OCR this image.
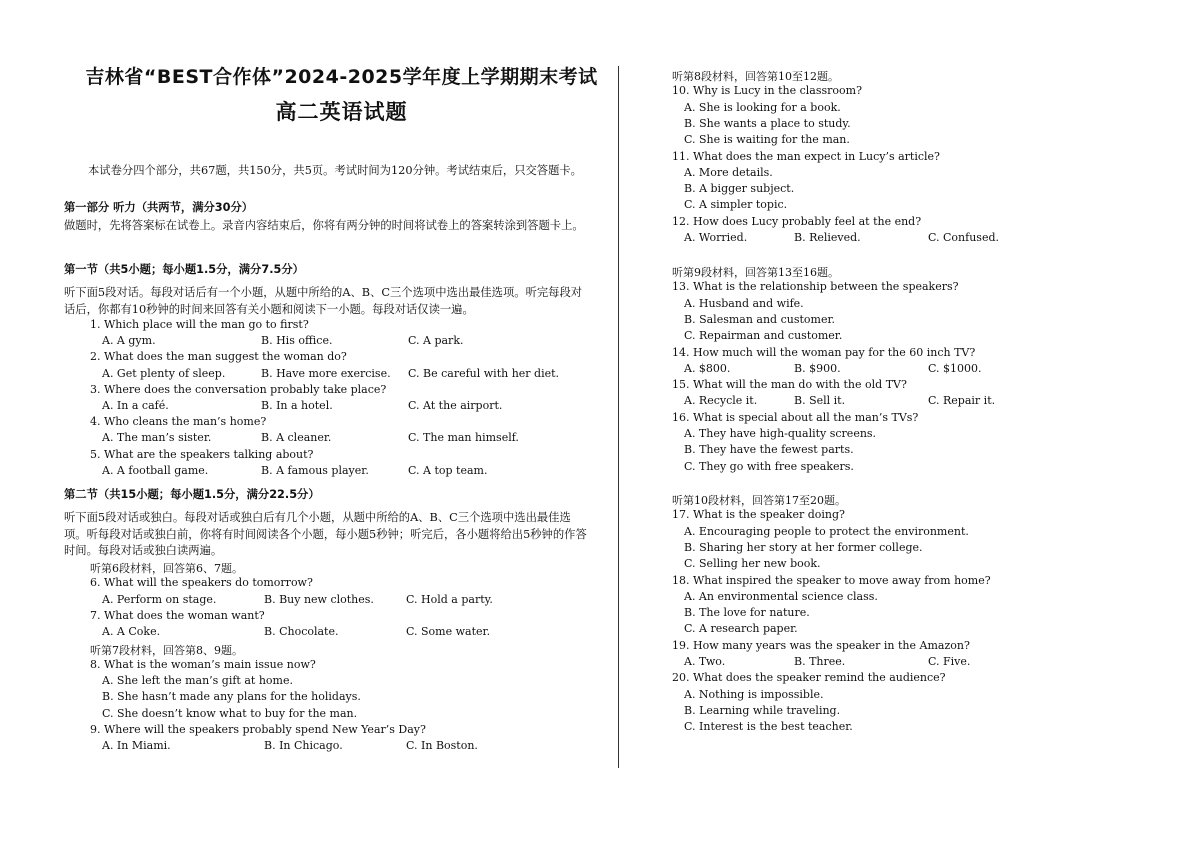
吉林省“BEST合作体”2024-2025学年度上学期期末考试
高二英语试题
本试卷分四个部分，共67题，共150分，共5页。考试时间为120分钟。考试结束后，只交答题卡。
第一部分 听力（共两节，满分30分）
做题时，先将答案标在试卷上。录音内容结束后，你将有两分钟的时间将试卷上的答案转涂到答题卡上。
第一节（共5小题；每小题1.5分，满分7.5分）
听下面5段对话。每段对话后有一个小题，从题中所给的A、B、C三个选项中选出最佳选项。听完每段对话后，你都有10秒钟的时间来回答有关小题和阅读下一小题。每段对话仅读一遍。
1. Which place will the man go to first?
A. A gym.	B. His office.	C. A park.
2. What does the man suggest the woman do?
A. Get plenty of sleep.	B. Have more exercise. C. Be careful with her diet.
3. Where does the conversation probably take place?
A. In a café.	B. In a hotel.	C. At the airport.
4. Who cleans the man’s home?
A. The man’s sister.	B. A cleaner.	C. The man himself.
5. What are the speakers talking about?
A. A football game.	B. A famous player.	C. A top team.
第二节（共15小题；每小题1.5分，满分22.5分）
听下面5段对话或独白。每段对话或独白后有几个小题，从题中所给的A、B、C三个选项中选出最佳选项。听每段对话或独白前，你将有时间阅读各个小题，每小题5秒钟；听完后，各小题将给出5秒钟的作答时间。每段对话或独白读两遍。
听第6段材料，回答第6、7题。
6. What will the speakers do tomorrow?
A. Perform on stage.	B. Buy new clothes.	C. Hold a party.
7. What does the woman want?
A. A Coke.	B. Chocolate.	C. Some water.
听第7段材料，回答第8、9题。
8. What is the woman’s main issue now?
A. She left the man’s gift at home.
B. She hasn’t made any plans for the holidays.
C. She doesn’t know what to buy for the man.
9. Where will the speakers probably spend New Year’s Day?
A. In Miami.	B. In Chicago.	C. In Boston.
听第8段材料，回答第10至12题。
10. Why is Lucy in the classroom?
A. She is looking for a book.
B. She wants a place to study.
C. She is waiting for the man.
11. What does the man expect in Lucy’s article?
A. More details.
B. A bigger subject.
C. A simpler topic.
12. How does Lucy probably feel at the end?
A. Worried.	B. Relieved.	C. Confused.
听第9段材料，回答第13至16题。
13. What is the relationship between the speakers?
A. Husband and wife.
B. Salesman and customer.
C. Repairman and customer.
14. How much will the woman pay for the 60 inch TV?
A. $800.	B. $900.	C. $1000.
15. What will the man do with the old TV?
A. Recycle it.	B. Sell it.	C. Repair it.
16. What is special about all the man’s TVs?
A. They have high-quality screens.
B. They have the fewest parts.
C. They go with free speakers.
听第10段材料，回答第17至20题。
17. What is the speaker doing?
A. Encouraging people to protect the environment.
B. Sharing her story at her former college.
C. Selling her new book.
18. What inspired the speaker to move away from home?
A. An environmental science class.
B. The love for nature.
C. A research paper.
19. How many years was the speaker in the Amazon?
A. Two.	B. Three.	C. Five.
20. What does the speaker remind the audience?
A. Nothing is impossible.
B. Learning while traveling.
C. Interest is the best teacher.
